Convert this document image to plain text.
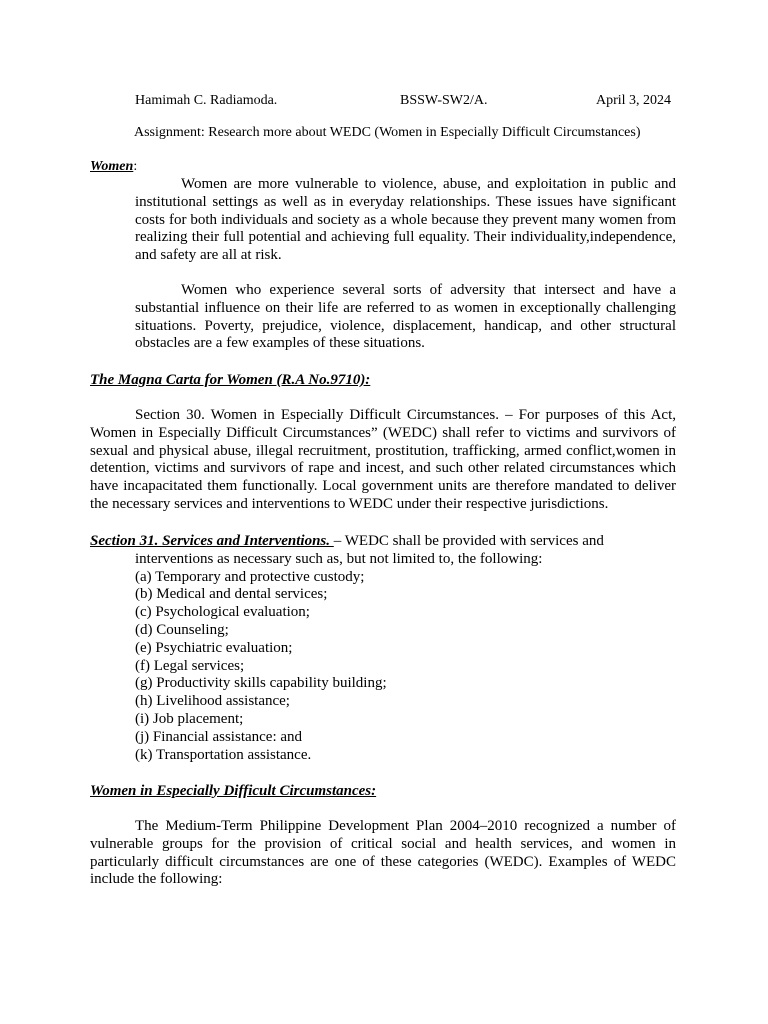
Hamimah C. Radiamoda.	BSSW-SW2/A.	April 3, 2024
Assignment: Research more about WEDC (Women in Especially Difficult Circumstances)
Women:

Women are more vulnerable to violence, abuse, and exploitation in public and institutional settings as well as in everyday relationships. These issues have significant costs for both individuals and society as a whole because they prevent many women from realizing their full potential and achieving full equality. Their individuality,independence, and safety are all at risk.

Women who experience several sorts of adversity that intersect and have a substantial influence on their life are referred to as women in exceptionally challenging situations. Poverty, prejudice, violence, displacement, handicap, and other structural obstacles are a few examples of these situations.

The Magna Carta for Women (R.A No.9710):

Section 30. Women in Especially Difficult Circumstances. – For purposes of this Act, Women in Especially Difficult Circumstances” (WEDC) shall refer to victims and survivors of sexual and physical abuse, illegal recruitment, prostitution, trafficking, armed conflict,women in detention, victims and survivors of rape and incest, and such other related circumstances which have incapacitated them functionally. Local government units are therefore mandated to deliver the necessary services and interventions to WEDC under their respective jurisdictions.

Section 31. Services and Interventions. – WEDC shall be provided with services and
interventions as necessary such as, but not limited to, the following:
(a) Temporary and protective custody;
(b) Medical and dental services;
(c) Psychological evaluation;
(d) Counseling;
(e) Psychiatric evaluation;
(f) Legal services;
(g) Productivity skills capability building;
(h) Livelihood assistance;
(i) Job placement;
(j) Financial assistance: and
(k) Transportation assistance.
Women in Especially Difficult Circumstances:

The Medium-Term Philippine Development Plan 2004–2010 recognized a number of vulnerable groups for the provision of critical social and health services, and women in particularly difficult circumstances are one of these categories (WEDC). Examples of WEDC include the following:
